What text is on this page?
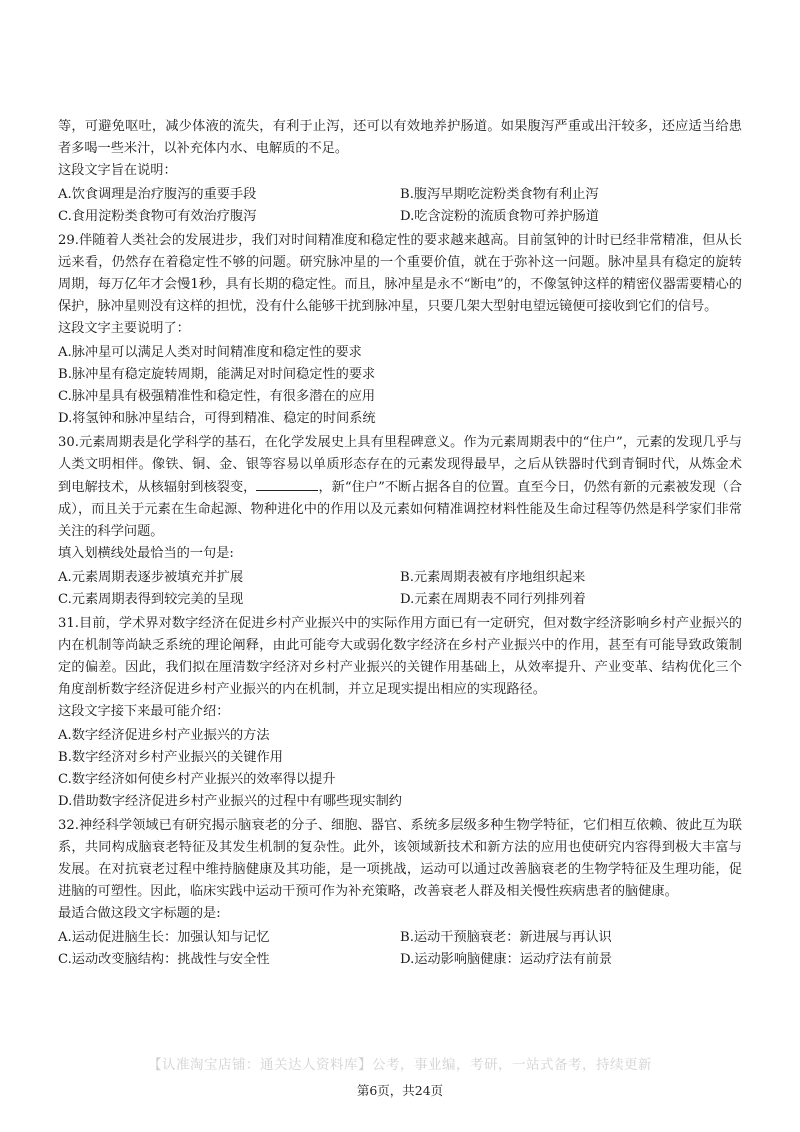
等，可避免呕吐，减少体液的流失，有利于止泻，还可以有效地养护肠道。如果腹泻严重或出汗较多，还应适当给患者多喝一些米汁，以补充体内水、电解质的不足。

这段文字旨在说明：

A.饮食调理是治疗腹泻的重要手段	B.腹泻早期吃淀粉类食物有利止泻
C.食用淀粉类食物可有效治疗腹泻	D.吃含淀粉的流质食物可养护肠道

29.伴随着人类社会的发展进步，我们对时间精准度和稳定性的要求越来越高。目前氢钟的计时已经非常精准，但从长远来看，仍然存在着稳定性不够的问题。研究脉冲星的一个重要价值，就在于弥补这一问题。脉冲星具有稳定的旋转周期，每万亿年才会慢1秒，具有长期的稳定性。而且，脉冲星是永不“断电”的，不像氢钟这样的精密仪器需要精心的保护，脉冲星则没有这样的担忧，没有什么能够干扰到脉冲星，只要几架大型射电望远镜便可接收到它们的信号。

这段文字主要说明了：

A.脉冲星可以满足人类对时间精准度和稳定性的要求
B.脉冲星有稳定旋转周期，能满足对时间稳定性的要求
C.脉冲星具有极强精准性和稳定性，有很多潜在的应用
D.将氢钟和脉冲星结合，可得到精准、稳定的时间系统

30.元素周期表是化学科学的基石，在化学发展史上具有里程碑意义。作为元素周期表中的“住户”，元素的发现几乎与人类文明相伴。像铁、铜、金、银等容易以单质形态存在的元素发现得最早，之后从铁器时代到青铜时代，从炼金术到电解技术，从核辐射到核裂变，	，新“住户”不断占据各自的位置。直至今日，仍然有新的元素被发现（合成），而且关于元素在生命起源、物种进化中的作用以及元素如何精准调控材料性能及生命过程等仍然是科学家们非常关注的科学问题。

填入划横线处最恰当的一句是:

A.元素周期表逐步被填充并扩展	B.元素周期表被有序地组织起来
C.元素周期表得到较完美的呈现	D.元素在周期表不同行列排列着

31.目前，学术界对数字经济在促进乡村产业振兴中的实际作用方面已有一定研究，但对数字经济影响乡村产业振兴的内在机制等尚缺乏系统的理论阐释，由此可能夸大或弱化数字经济在乡村产业振兴中的作用，甚至有可能导致政策制定的偏差。因此，我们拟在厘清数字经济对乡村产业振兴的关键作用基础上，从效率提升、产业变革、结构优化三个角度剖析数字经济促进乡村产业振兴的内在机制，并立足现实提出相应的实现路径。

这段文字接下来最可能介绍：

A.数字经济促进乡村产业振兴的方法
B.数字经济对乡村产业振兴的关键作用
C.数字经济如何使乡村产业振兴的效率得以提升
D.借助数字经济促进乡村产业振兴的过程中有哪些现实制约

32.神经科学领域已有研究揭示脑衰老的分子、细胞、器官、系统多层级多种生物学特征，它们相互依赖、彼此互为联系，共同构成脑衰老特征及其发生机制的复杂性。此外，该领域新技术和新方法的应用也使研究内容得到极大丰富与发展。在对抗衰老过程中维持脑健康及其功能，是一项挑战，运动可以通过改善脑衰老的生物学特征及生理功能，促进脑的可塑性。因此，临床实践中运动干预可作为补充策略，改善衰老人群及相关慢性疾病患者的脑健康。

最适合做这段文字标题的是:

A.运动促进脑生长：加强认知与记忆	B.运动干预脑衰老：新进展与再认识
C.运动改变脑结构：挑战性与安全性	D.运动影响脑健康：运动疗法有前景
【认准淘宝店铺：通关达人资料库】公考，事业编，考研，一站式备考，持续更新
第6页，共24页
